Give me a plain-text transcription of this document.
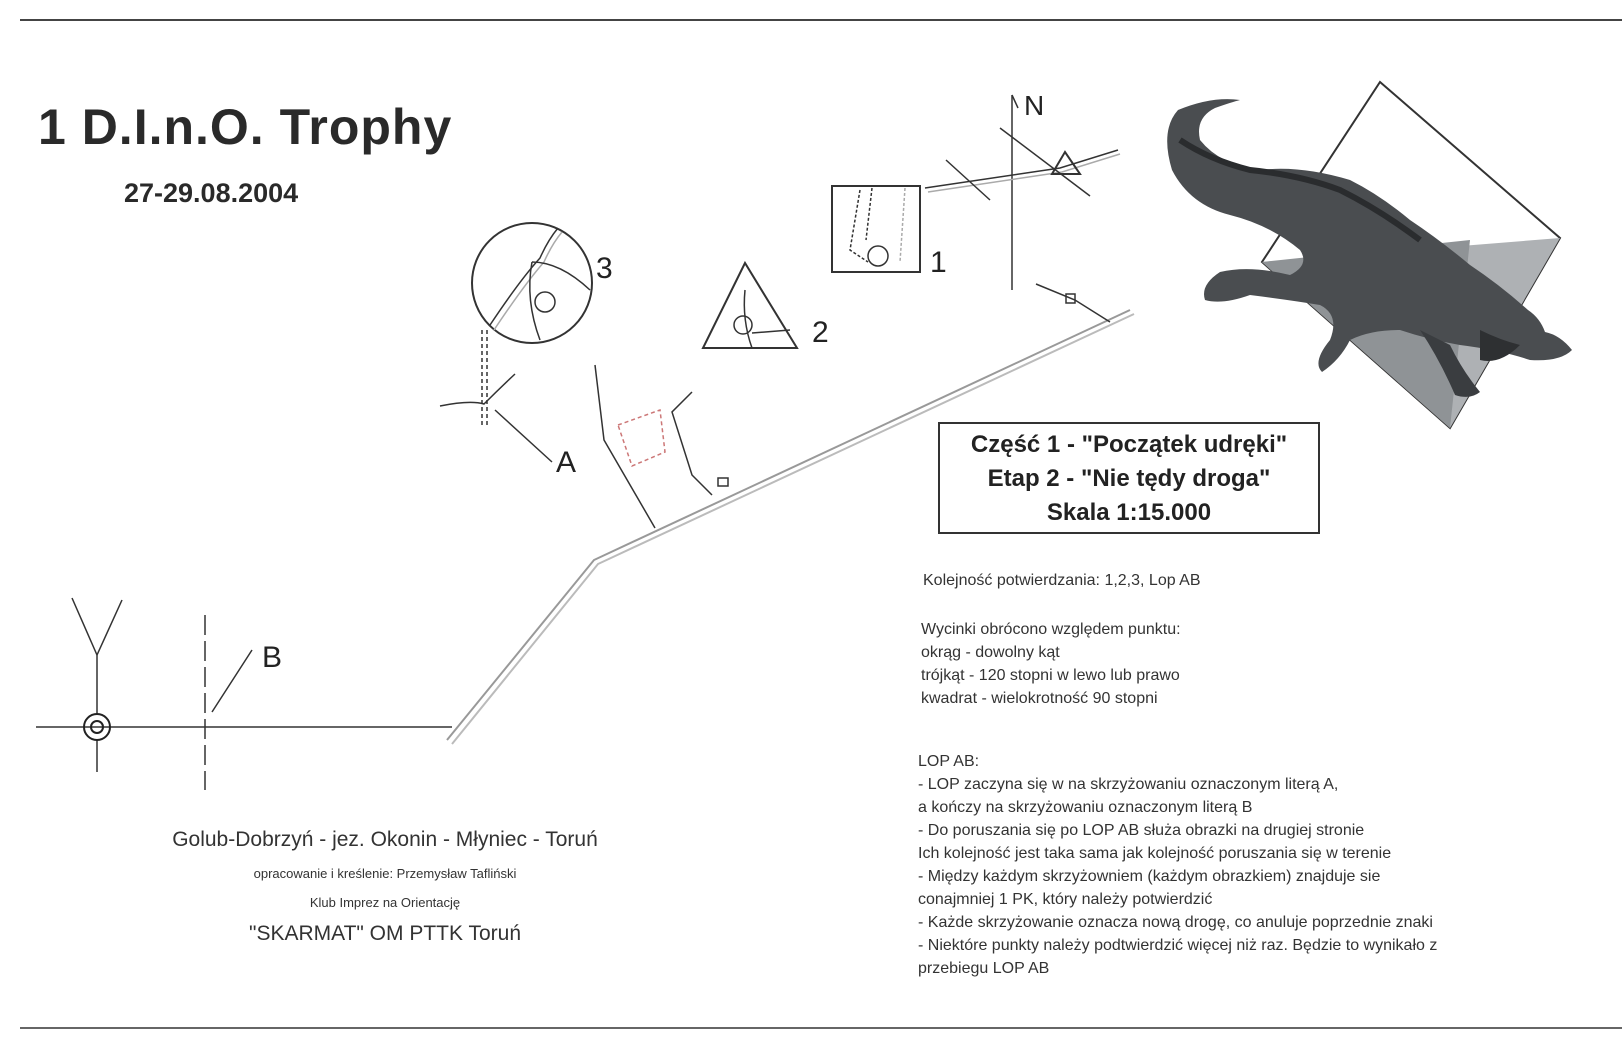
B
A
3
2
1
N
1 D.I.n.O. Trophy
27-29.08.2004
Część 1 - "Początek udręki"
Etap 2 - "Nie tędy droga"
Skala 1:15.000
Kolejność potwierdzania: 1,2,3, Lop AB
Wycinki obrócono względem punktu:
okrąg - dowolny kąt
trójkąt - 120 stopni w lewo lub prawo
kwadrat - wielokrotność 90 stopni
LOP AB:
- LOP zaczyna się w na skrzyżowaniu oznaczonym literą A,
a kończy na skrzyżowaniu oznaczonym literą B
- Do poruszania się po LOP AB służa obrazki na drugiej stronie
Ich kolejność jest taka sama jak kolejność poruszania się w terenie
- Między każdym skrzyżowniem (każdym obrazkiem) znajduje sie
conajmniej 1 PK, który należy potwierdzić
- Każde skrzyżowanie oznacza nową drogę, co anuluje poprzednie znaki
- Niektóre punkty należy podtwierdzić więcej niż raz. Będzie to wynikało z
przebiegu LOP AB
Golub-Dobrzyń - jez. Okonin - Młyniec - Toruń
opracowanie i kreślenie: Przemysław Tafliński
Klub Imprez na Orientację
"SKARMAT" OM PTTK Toruń
